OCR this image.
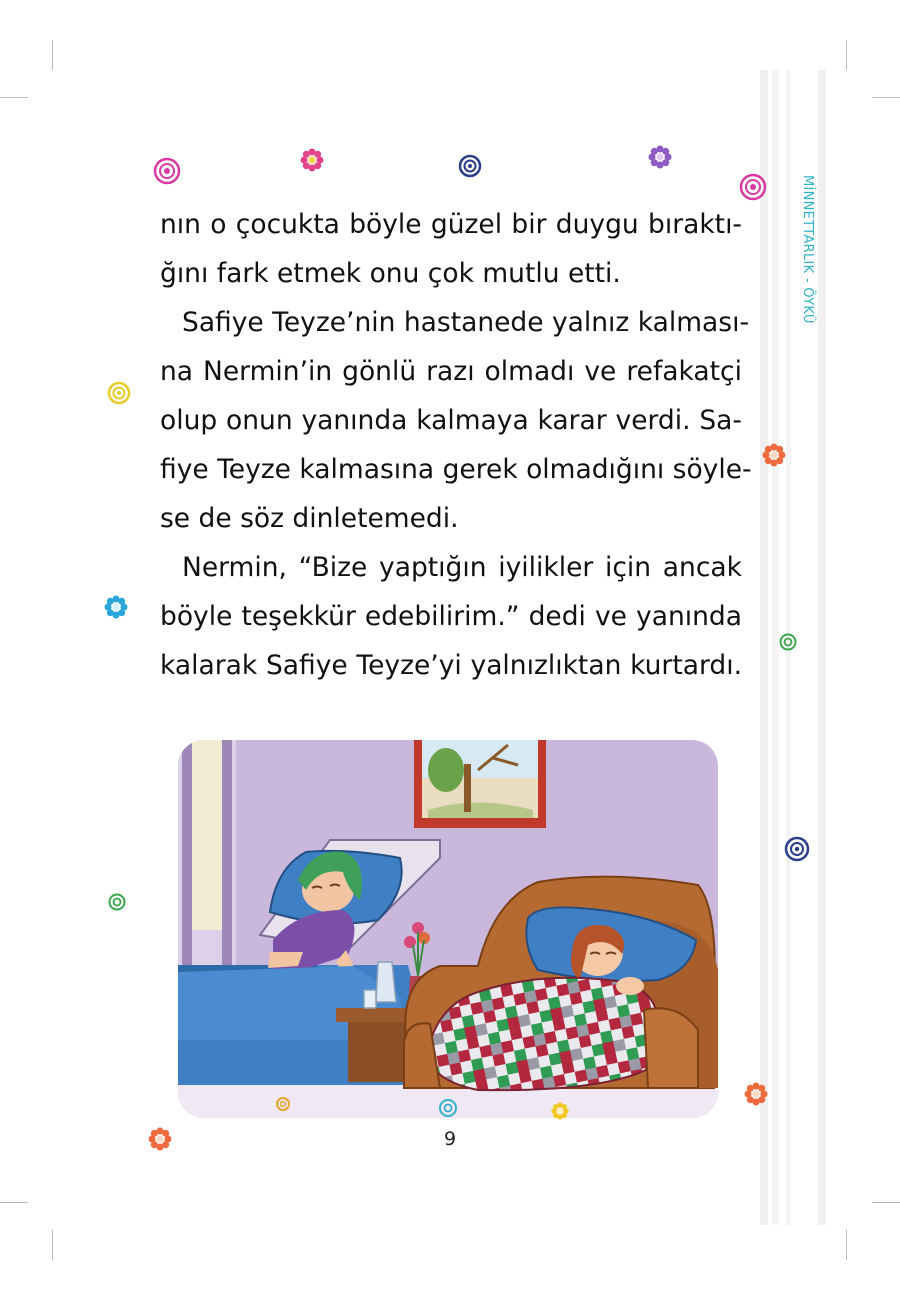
MİNNETTARLIK - ÖYKÜ
nın o çocukta böyle güzel bir duygu bıraktı-
ğını fark etmek onu çok mutlu etti.
Safiye Teyze’nin hastanede yalnız kalması-
na Nermin’in gönlü razı olmadı ve refakatçi
olup onun yanında kalmaya karar verdi. Sa-
fiye Teyze kalmasına gerek olmadığını söyle-
se de söz dinletemedi.
Nermin, “Bize yaptığın iyilikler için ancak
böyle teşekkür edebilirim.” dedi ve yanında
kalarak Safiye Teyze’yi yalnızlıktan kurtardı.
9
